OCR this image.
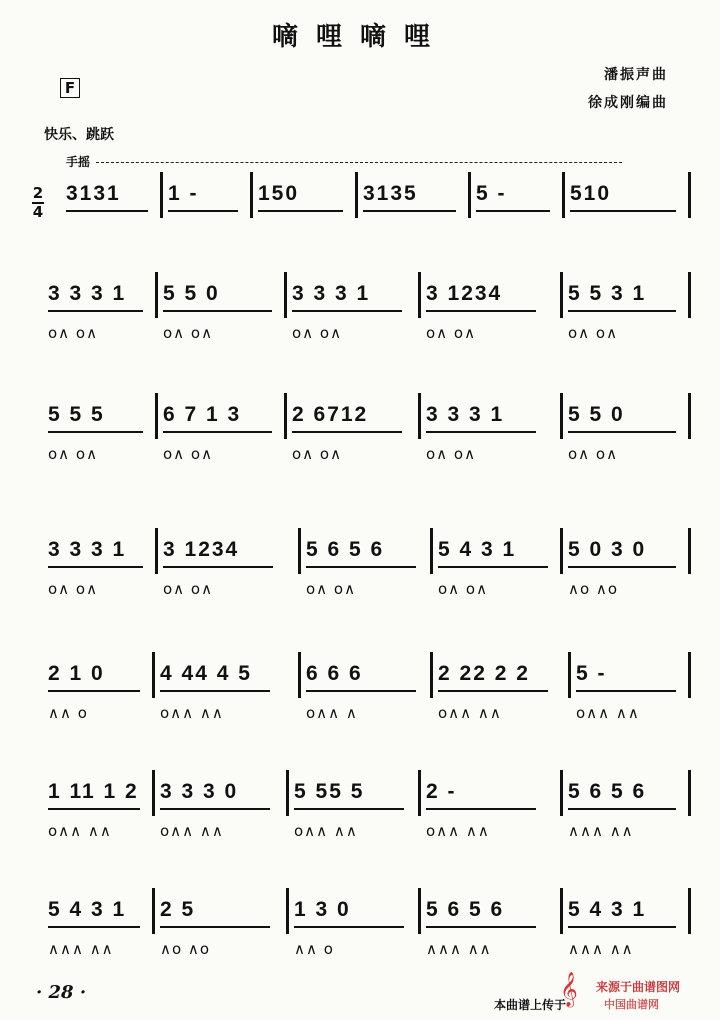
嘀哩嘀哩
潘振声曲
徐成刚编曲
F
快乐、跳跃
手摇
2
4
3131 1 -	150	3135	5 -	510
3 3 3 1
o∧ o∧
5 5 0
o∧ o∧
3 3 3 1
o∧ o∧
3 1234
o∧ o∧
5 5 3 1
o∧ o∧
5 5 5
o∧ o∧
6 7 1 3
o∧ o∧
2 6712
o∧ o∧
3 3 3 1
o∧ o∧
5 5 0
o∧ o∧
3 3 3 1
o∧ o∧
3 1234
o∧ o∧
5 6 5 6
o∧ o∧
5 4 3 1
o∧ o∧
5 0 3 0
∧o ∧o
2 1 0
∧∧ o
4 44 4 5
o∧∧ ∧∧
6 6 6
o∧∧ ∧
2 22 2 2
o∧∧ ∧∧
5 -
o∧∧ ∧∧
1 11 1 2
o∧∧ ∧∧
3 3 3 0
o∧∧ ∧∧
5 55 5
o∧∧ ∧∧
2 -
o∧∧ ∧∧
5 6 5 6
∧∧∧ ∧∧
5 4 3 1
∧∧∧ ∧∧
2 5
∧o ∧o
1 3 0
∧∧ o
5 6 5 6
∧∧∧ ∧∧
5 4 3 1
∧∧∧ ∧∧
· 28 ·	𝄞 来源于曲谱图网
本曲谱上传于	中国曲谱网
